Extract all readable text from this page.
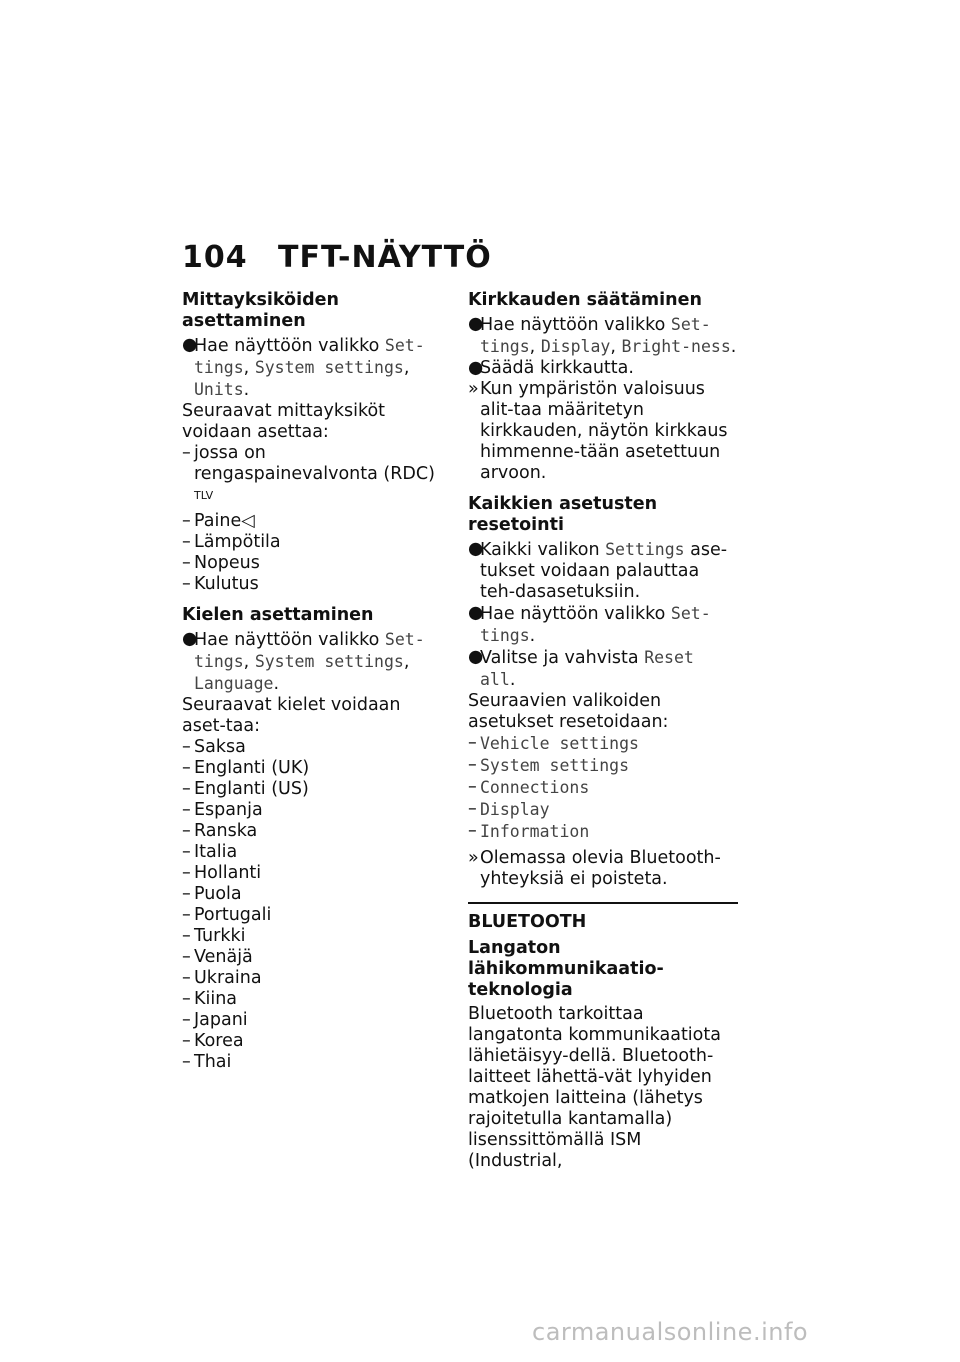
104 TFT-NÄYTTÖ
Mittayksiköiden asettaminen
●
Hae näyttöön valikko Set-tings, System settings, Units.
Seuraavat mittayksiköt voidaan asettaa:
– jossa on rengaspainevalvonta (RDC) $^{TLV}$
– Paine◁
– Lämpötila
– Nopeus
– Kulutus
Kielen asettaminen
●
Hae näyttöön valikko Set-tings, System settings, Language.
Seuraavat kielet voidaan aset-taa:
– Saksa
– Englanti (UK)
– Englanti (US)
– Espanja
– Ranska
– Italia
– Hollanti
– Puola
– Portugali
– Turkki
– Venäjä
– Ukraina
– Kiina
– Japani
– Korea
– Thai
Kirkkauden säätäminen
●
Hae näyttöön valikko Set-tings, Display, Bright-ness.
●
Säädä kirkkautta.
» Kun ympäristön valoisuus alit-taa määritetyn kirkkauden, näytön kirkkaus himmenne-tään asetettuun arvoon.
Kaikkien asetusten resetointi
●
Kaikki valikon Settings ase-tukset voidaan palauttaa teh-dasasetuksiin.
●
Hae näyttöön valikko Set-tings.
●
Valitse ja vahvista Reset all.
Seuraavien valikoiden asetukset resetoidaan:
– Vehicle settings
– System settings
– Connections
– Display
– Information
» Olemassa olevia Bluetooth-yhteyksiä ei poisteta.
BLUETOOTH
Langaton lähikommunikaatio-teknologia
Bluetooth tarkoittaa langatonta kommunikaatiota lähietäisyy-dellä. Bluetooth-laitteet lähettä-vät lyhyiden matkojen laitteina (lähetys rajoitetulla kantamalla) lisenssittömällä ISM (Industrial,
carmanualsonline.info
